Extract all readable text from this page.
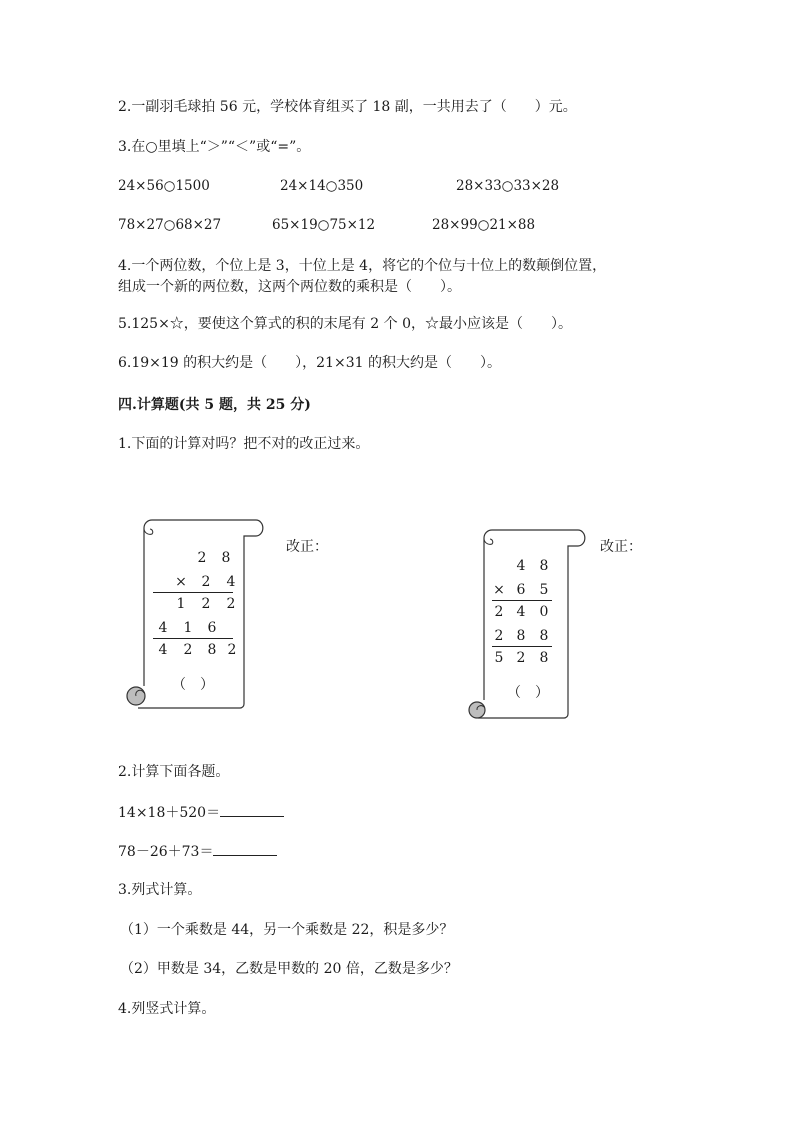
2.一副羽毛球拍 56 元，学校体育组买了 18 副，一共用去了（　　）元。
3.在○里填上“＞”“＜”或“=”。
24×56○1500	24×14○350	28×33○33×28
78×27○68×27	65×19○75×12	28×99○21×88
4.一个两位数，个位上是 3，十位上是 4，将它的个位与十位上的数颠倒位置，
组成一个新的两位数，这两个两位数的乘积是（　　）。
5.125×☆，要使这个算式的积的末尾有 2 个 0，☆最小应该是（　　）。
6.19×19 的积大约是（　　），21×31 的积大约是（　　）。
四.计算题(共 5 题，共 25 分)
1.下面的计算对吗？把不对的改正过来。
改正：
2 8
× 2 4
1 2 2
4 1 6
4 2 8 2
（　）
改正：
4 8
× 6 5
2 4 0
2 8 8
5 2 8
（　）
2.计算下面各题。
14×18＋520＝
78－26＋73＝
3.列式计算。
（1）一个乘数是 44，另一个乘数是 22，积是多少？
（2）甲数是 34，乙数是甲数的 20 倍，乙数是多少？
4.列竖式计算。
